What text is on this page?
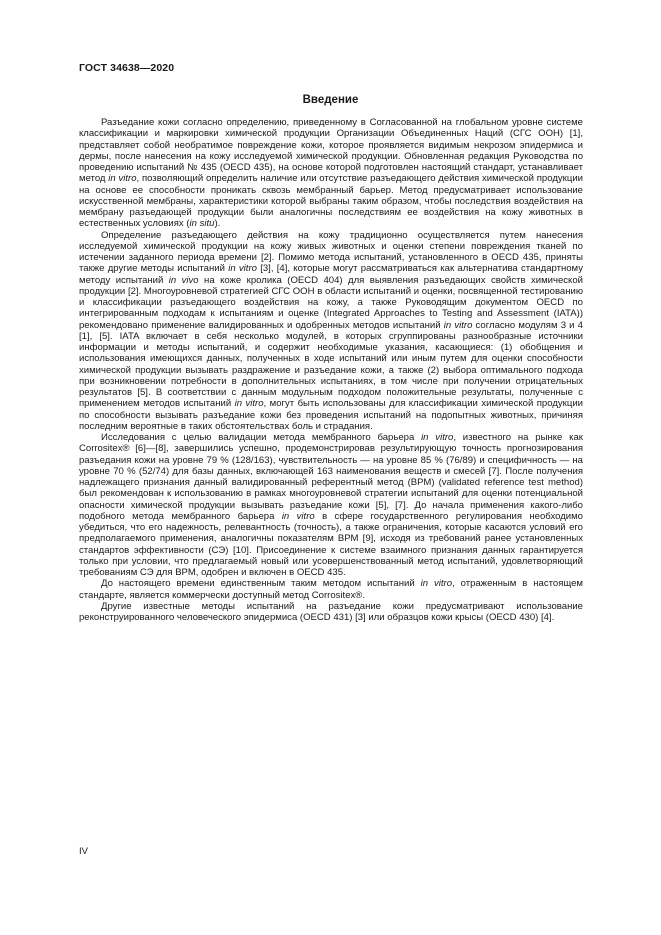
ГОСТ 34638—2020
Введение

Разъедание кожи согласно определению, приведенному в Согласованной на глобальном уровне системе классификации и маркировки химической продукции Организации Объединенных Наций (СГС ООН) [1], представляет собой необратимое повреждение кожи, которое проявляется видимым некрозом эпидермиса и дермы, после нанесения на кожу исследуемой химической продукции. Обновленная редакция Руководства по проведению испытаний № 435 (OECD 435), на основе которой подготовлен настоящий стандарт, устанавливает метод in vitro, позволяющий определить наличие или отсутствие разъедающего действия химической продукции на основе ее способности проникать сквозь мембранный барьер. Метод предусматривает использование искусственной мембраны, характеристики которой выбраны таким образом, чтобы последствия воздействия на мембрану разъедающей продукции были аналогичны последствиям ее воздействия на кожу животных в естественных условиях (in situ).

Определение разъедающего действия на кожу традиционно осуществляется путем нанесения исследуемой химической продукции на кожу живых животных и оценки степени повреждения тканей по истечении заданного периода времени [2]. Помимо метода испытаний, установленного в OECD 435, приняты также другие методы испытаний in vitro [3], [4], которые могут рассматриваться как альтернатива стандартному методу испытаний in vivo на коже кролика (OECD 404) для выявления разъедающих свойств химической продукции [2]. Многоуровневой стратегией СГС ООН в области испытаний и оценки, посвященной тестированию и классификации разъедающего воздействия на кожу, а также Руководящим документом OECD по интегрированным подходам к испытаниям и оценке (Integrated Approaches to Testing and Assessment (IATA)) рекомендовано применение валидированных и одобренных методов испытаний in vitro согласно модулям 3 и 4 [1], [5]. IATA включает в себя несколько модулей, в которых сгруппированы разнообразные источники информации и методы испытаний, и содержит необходимые указания, касающиеся: (1) обобщения и использования имеющихся данных, полученных в ходе испытаний или иным путем для оценки способности химической продукции вызывать раздражение и разъедание кожи, а также (2) выбора оптимального подхода при возникновении потребности в дополнительных испытаниях, в том числе при получении отрицательных результатов [5]. В соответствии с данным модульным подходом положительные результаты, полученные с применением методов испытаний in vitro, могут быть использованы для классификации химической продукции по способности вызывать разъедание кожи без проведения испытаний на подопытных животных, причиняя последним вероятные в таких обстоятельствах боль и страдания.

Исследования с целью валидации метода мембранного барьера in vitro, известного на рынке как Corrositex® [6]—[8], завершились успешно, продемонстрировав результирующую точность прогнозирования разъедания кожи на уровне 79 % (128/163), чувствительность — на уровне 85 % (76/89) и специфичность — на уровне 70 % (52/74) для базы данных, включающей 163 наименования веществ и смесей [7]. После получения надлежащего признания данный валидированный референтный метод (ВРМ) (validated reference test method) был рекомендован к использованию в рамках многоуровневой стратегии испытаний для оценки потенциальной опасности химической продукции вызывать разъедание кожи [5], [7]. До начала применения какого-либо подобного метода мембранного барьера in vitro в сфере государственного регулирования необходимо убедиться, что его надежность, релевантность (точность), а также ограничения, которые касаются условий его предполагаемого применения, аналогичны показателям ВРМ [9], исходя из требований ранее установленных стандартов эффективности (СЭ) [10]. Присоединение к системе взаимного признания данных гарантируется только при условии, что предлагаемый новый или усовершенствованный метод испытаний, удовлетворяющий требованиям СЭ для ВРМ, одобрен и включен в OECD 435.

До настоящего времени единственным таким методом испытаний in vitro, отраженным в настоящем стандарте, является коммерчески доступный метод Corrositex®.

Другие известные методы испытаний на разъедание кожи предусматривают использование реконструированного человеческого эпидермиса (OECD 431) [3] или образцов кожи крысы (OECD 430) [4].

IV
